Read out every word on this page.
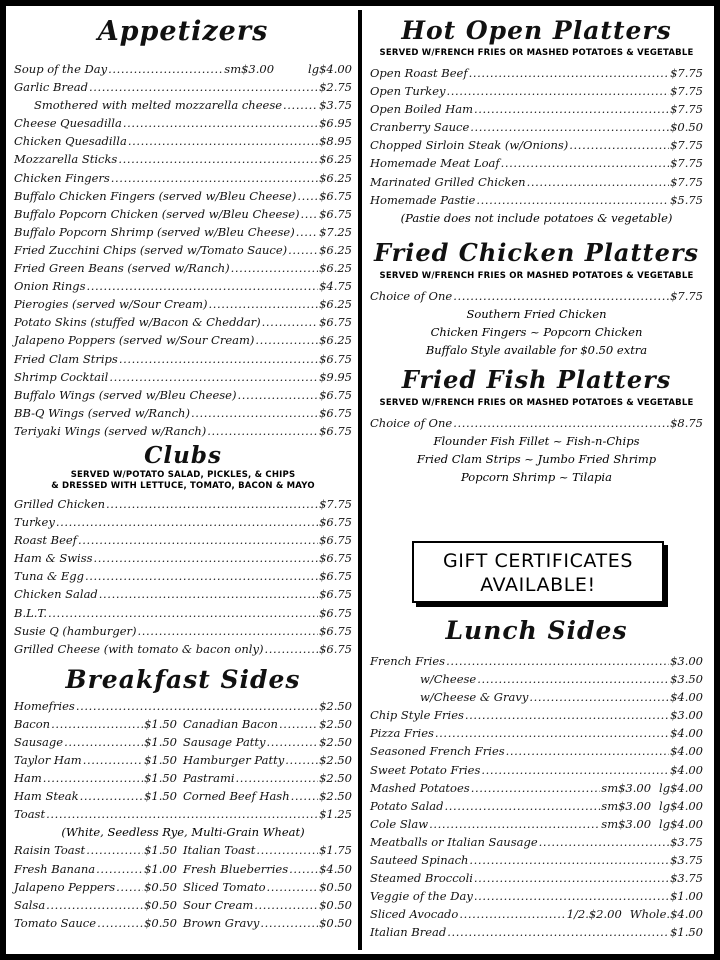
Appetizers
Soup of the Day .....	sm$3.00	lg$4.00
Garlic Bread .....	$2.75
Smothered with melted mozzarella cheese .....	$3.75
Cheese Quesadilla .....	$6.95
Chicken Quesadilla .....	$8.95
Mozzarella Sticks .....	$6.25
Chicken Fingers .....	$6.25
Buffalo Chicken Fingers (served w/Bleu Cheese) ..... $6.75
Buffalo Popcorn Chicken (served w/Bleu Cheese) ..... $6.75
Buffalo Popcorn Shrimp (served w/Bleu Cheese) ..... $7.25
Fried Zucchini Chips (served w/Tomato Sauce) .....	$6.25
Fried Green Beans (served w/Ranch) .....	$6.25
Onion Rings .....	$4.75
Pierogies (served w/Sour Cream) .....	$6.25
Potato Skins (stuffed w/Bacon & Cheddar) .....	$6.75
Jalapeno Poppers (served w/Sour Cream) .....	$6.25
Fried Clam Strips .....	$6.75
Shrimp Cocktail .....	$9.95
Buffalo Wings (served w/Bleu Cheese) .....	$6.75
BB-Q Wings (served w/Ranch) .....	$6.75
Teriyaki Wings (served w/Ranch) .....	$6.75
Clubs
SERVED W/POTATO SALAD, PICKLES, & CHIPS
& DRESSED WITH LETTUCE, TOMATO, BACON & MAYO
Grilled Chicken .....	$7.75
Turkey .....	$6.75
Roast Beef .....	$6.75
Ham & Swiss .....	$6.75
Tuna & Egg .....	$6.75
Chicken Salad .....	$6.75
B.L.T. .....	$6.75
Susie Q (hamburger) .....	$6.75
Grilled Cheese (with tomato & bacon only) .....	$6.75
Breakfast Sides
Homefries .....	$2.50
Bacon .....	$1.50 Canadian Bacon .....	$2.50
Sausage .....	$1.50 Sausage Patty .....	$2.50
Taylor Ham .....	$1.50 Hamburger Patty .....	$2.50
Ham .....	$1.50 Pastrami .....	$2.50
Ham Steak .....	$1.50 Corned Beef Hash .....	$2.50
Toast .....	$1.25
(White, Seedless Rye, Multi-Grain Wheat)
Raisin Toast .....	$1.50 Italian Toast .....	$1.75
Fresh Banana .....	$1.00 Fresh Blueberries .....	$4.50
Jalapeno Peppers .....	$0.50 Sliced Tomato .....	$0.50
Salsa .....	$0.50 Sour Cream .....	$0.50
Tomato Sauce .....	$0.50 Brown Gravy .....	$0.50
Hot Open Platters
SERVED W/FRENCH FRIES OR MASHED POTATOES & VEGETABLE
Open Roast Beef .....	$7.75
Open Turkey .....	$7.75
Open Boiled Ham .....	$7.75
Cranberry Sauce .....	$0.50
Chopped Sirloin Steak (w/Onions) .....	$7.75
Homemade Meat Loaf .....	$7.75
Marinated Grilled Chicken .....	$7.75
Homemade Pastie .....	$5.75
(Pastie does not include potatoes & vegetable)
Fried Chicken Platters
SERVED W/FRENCH FRIES OR MASHED POTATOES & VEGETABLE
Choice of One .....	$7.75
Southern Fried Chicken
Chicken Fingers ~ Popcorn Chicken
Buffalo Style available for $0.50 extra
Fried Fish Platters
SERVED W/FRENCH FRIES OR MASHED POTATOES & VEGETABLE
Choice of One .....	$8.75
Flounder Fish Fillet ~ Fish-n-Chips
Fried Clam Strips ~ Jumbo Fried Shrimp
Popcorn Shrimp ~ Tilapia
GIFT CERTIFICATES
AVAILABLE!
Lunch Sides
French Fries .....	$3.00
w/Cheese .....	$3.50
w/Cheese & Gravy .....	$4.00
Chip Style Fries .....	$3.00
Pizza Fries .....	$4.00
Seasoned French Fries .....	$4.00
Sweet Potato Fries .....	$4.00
Mashed Potatoes .....	sm$3.00 lg$4.00
Potato Salad .....	sm$3.00 lg$4.00
Cole Slaw .....	sm$3.00 lg$4.00
Meatballs or Italian Sausage .....	$3.75
Sauteed Spinach .....	$3.75
Steamed Broccoli .....	$3.75
Veggie of the Day .....	$1.00
Sliced Avocado .....	1/2.$2.00 Whole.$4.00
Italian Bread .....	$1.50
